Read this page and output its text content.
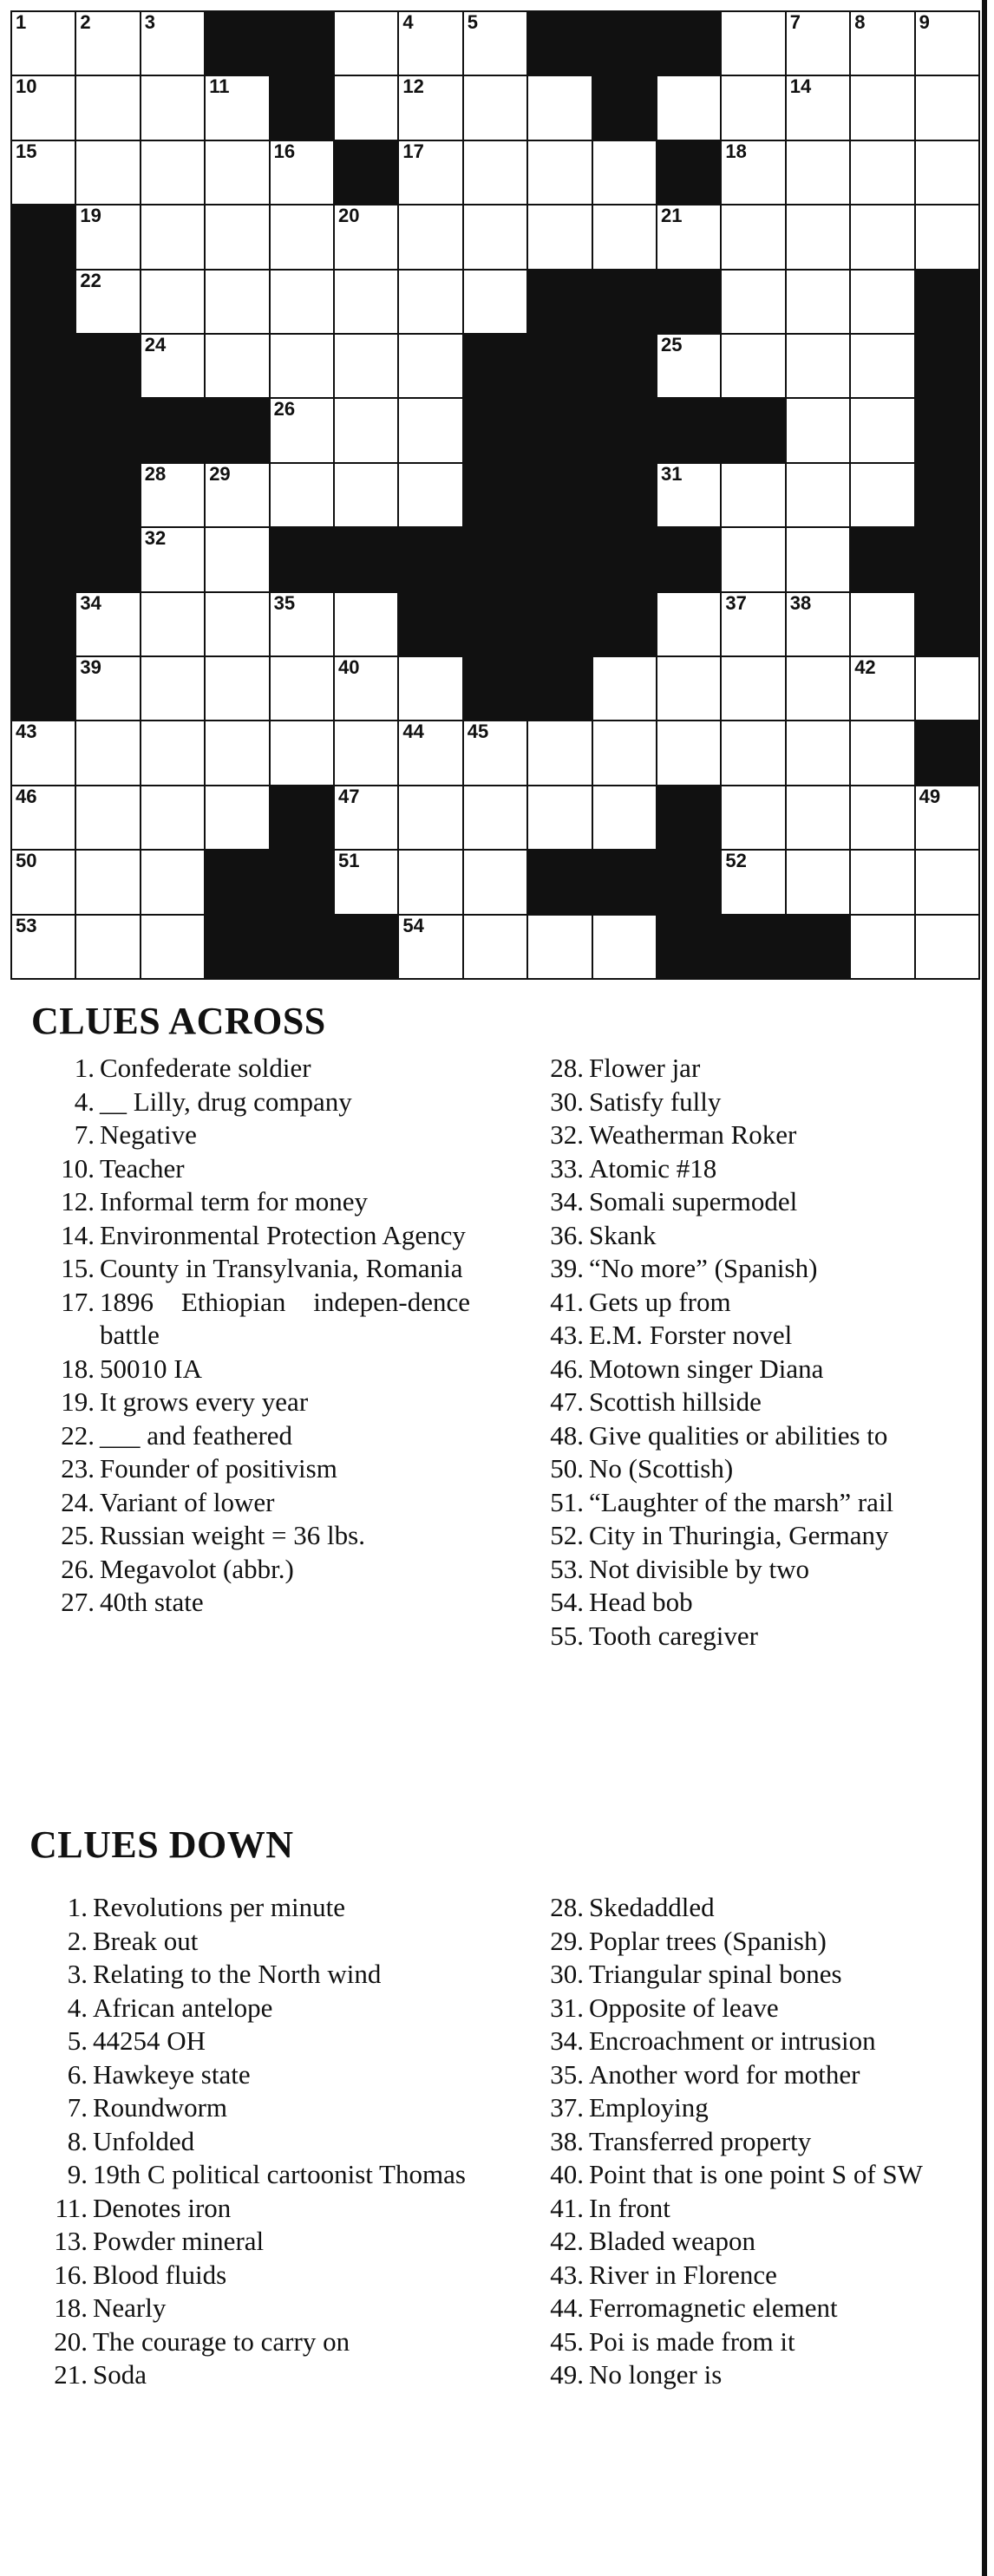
1	2	3	4	5	7	8	9
10	11	12	14
15	16	17	18
19	20	21
22
24	25
26
28 29	31
32
34	35	37 38
39	40	42
43	44 45
46	47	49
50	51	52
53	54
CLUES ACROSS
1. Confederate soldier
4. __ Lilly, drug company
7. Negative
10. Teacher
12. Informal term for money
14. Environmental Protection Agency
15. County in Transylvania, Romania
17. 1896 Ethiopian indepen-dence battle
18. 50010 IA
19. It grows every year
22. ___ and feathered
23. Founder of positivism
24. Variant of lower
25. Russian weight = 36 lbs.
26. Megavolot (abbr.)
27. 40th state
28. Flower jar
30. Satisfy fully
32. Weatherman Roker
33. Atomic #18
34. Somali supermodel
36. Skank
39. “No more” (Spanish)
41. Gets up from
43. E.M. Forster novel
46. Motown singer Diana
47. Scottish hillside
48. Give qualities or abilities to
50. No (Scottish)
51. “Laughter of the marsh” rail
52. City in Thuringia, Germany
53. Not divisible by two
54. Head bob
55. Tooth caregiver
CLUES DOWN
1. Revolutions per minute
2. Break out
3. Relating to the North wind
4. African antelope
5. 44254 OH
6. Hawkeye state
7. Roundworm
8. Unfolded
9. 19th C political cartoonist Thomas
11. Denotes iron
13. Powder mineral
16. Blood fluids
18. Nearly
20. The courage to carry on
21. Soda
28. Skedaddled
29. Poplar trees (Spanish)
30. Triangular spinal bones
31. Opposite of leave
34. Encroachment or intrusion
35. Another word for mother
37. Employing
38. Transferred property
40. Point that is one point S of SW
41. In front
42. Bladed weapon
43. River in Florence
44. Ferromagnetic element
45. Poi is made from it
49. No longer is
